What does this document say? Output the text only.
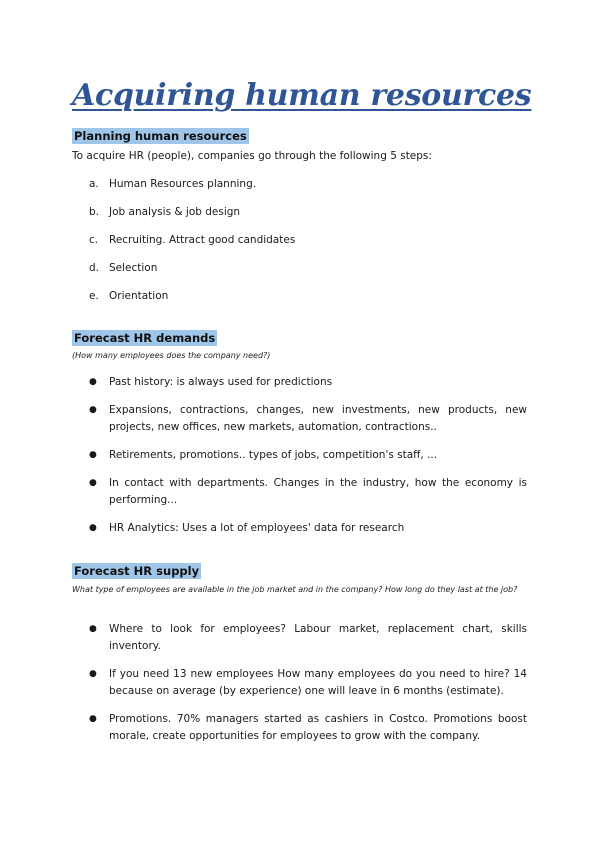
Acquiring human resources
Planning human resources
To acquire HR (people), companies go through the following 5 steps:
a. Human Resources planning.
b. Job analysis & job design
c. Recruiting. Attract good candidates
d. Selection
e. Orientation
Forecast HR demands
(How many employees does the company need?)
● Past history: is always used for predictions
● Expansions, contractions, changes, new investments, new products, new projects, new offices, new markets, automation, contractions..
● Retirements, promotions.. types of jobs, competition's staff, ...
● In contact with departments. Changes in the industry, how the economy is performing...
● HR Analytics: Uses a lot of employees' data for research
Forecast HR supply
What type of employees are available in the job market and in the company? How long do they last at the job?
● Where to look for employees? Labour market, replacement chart, skills inventory.
● If you need 13 new employees How many employees do you need to hire? 14 because on average (by experience) one will leave in 6 months (estimate).
● Promotions. 70% managers started as cashiers in Costco. Promotions boost morale, create opportunities for employees to grow with the company.
